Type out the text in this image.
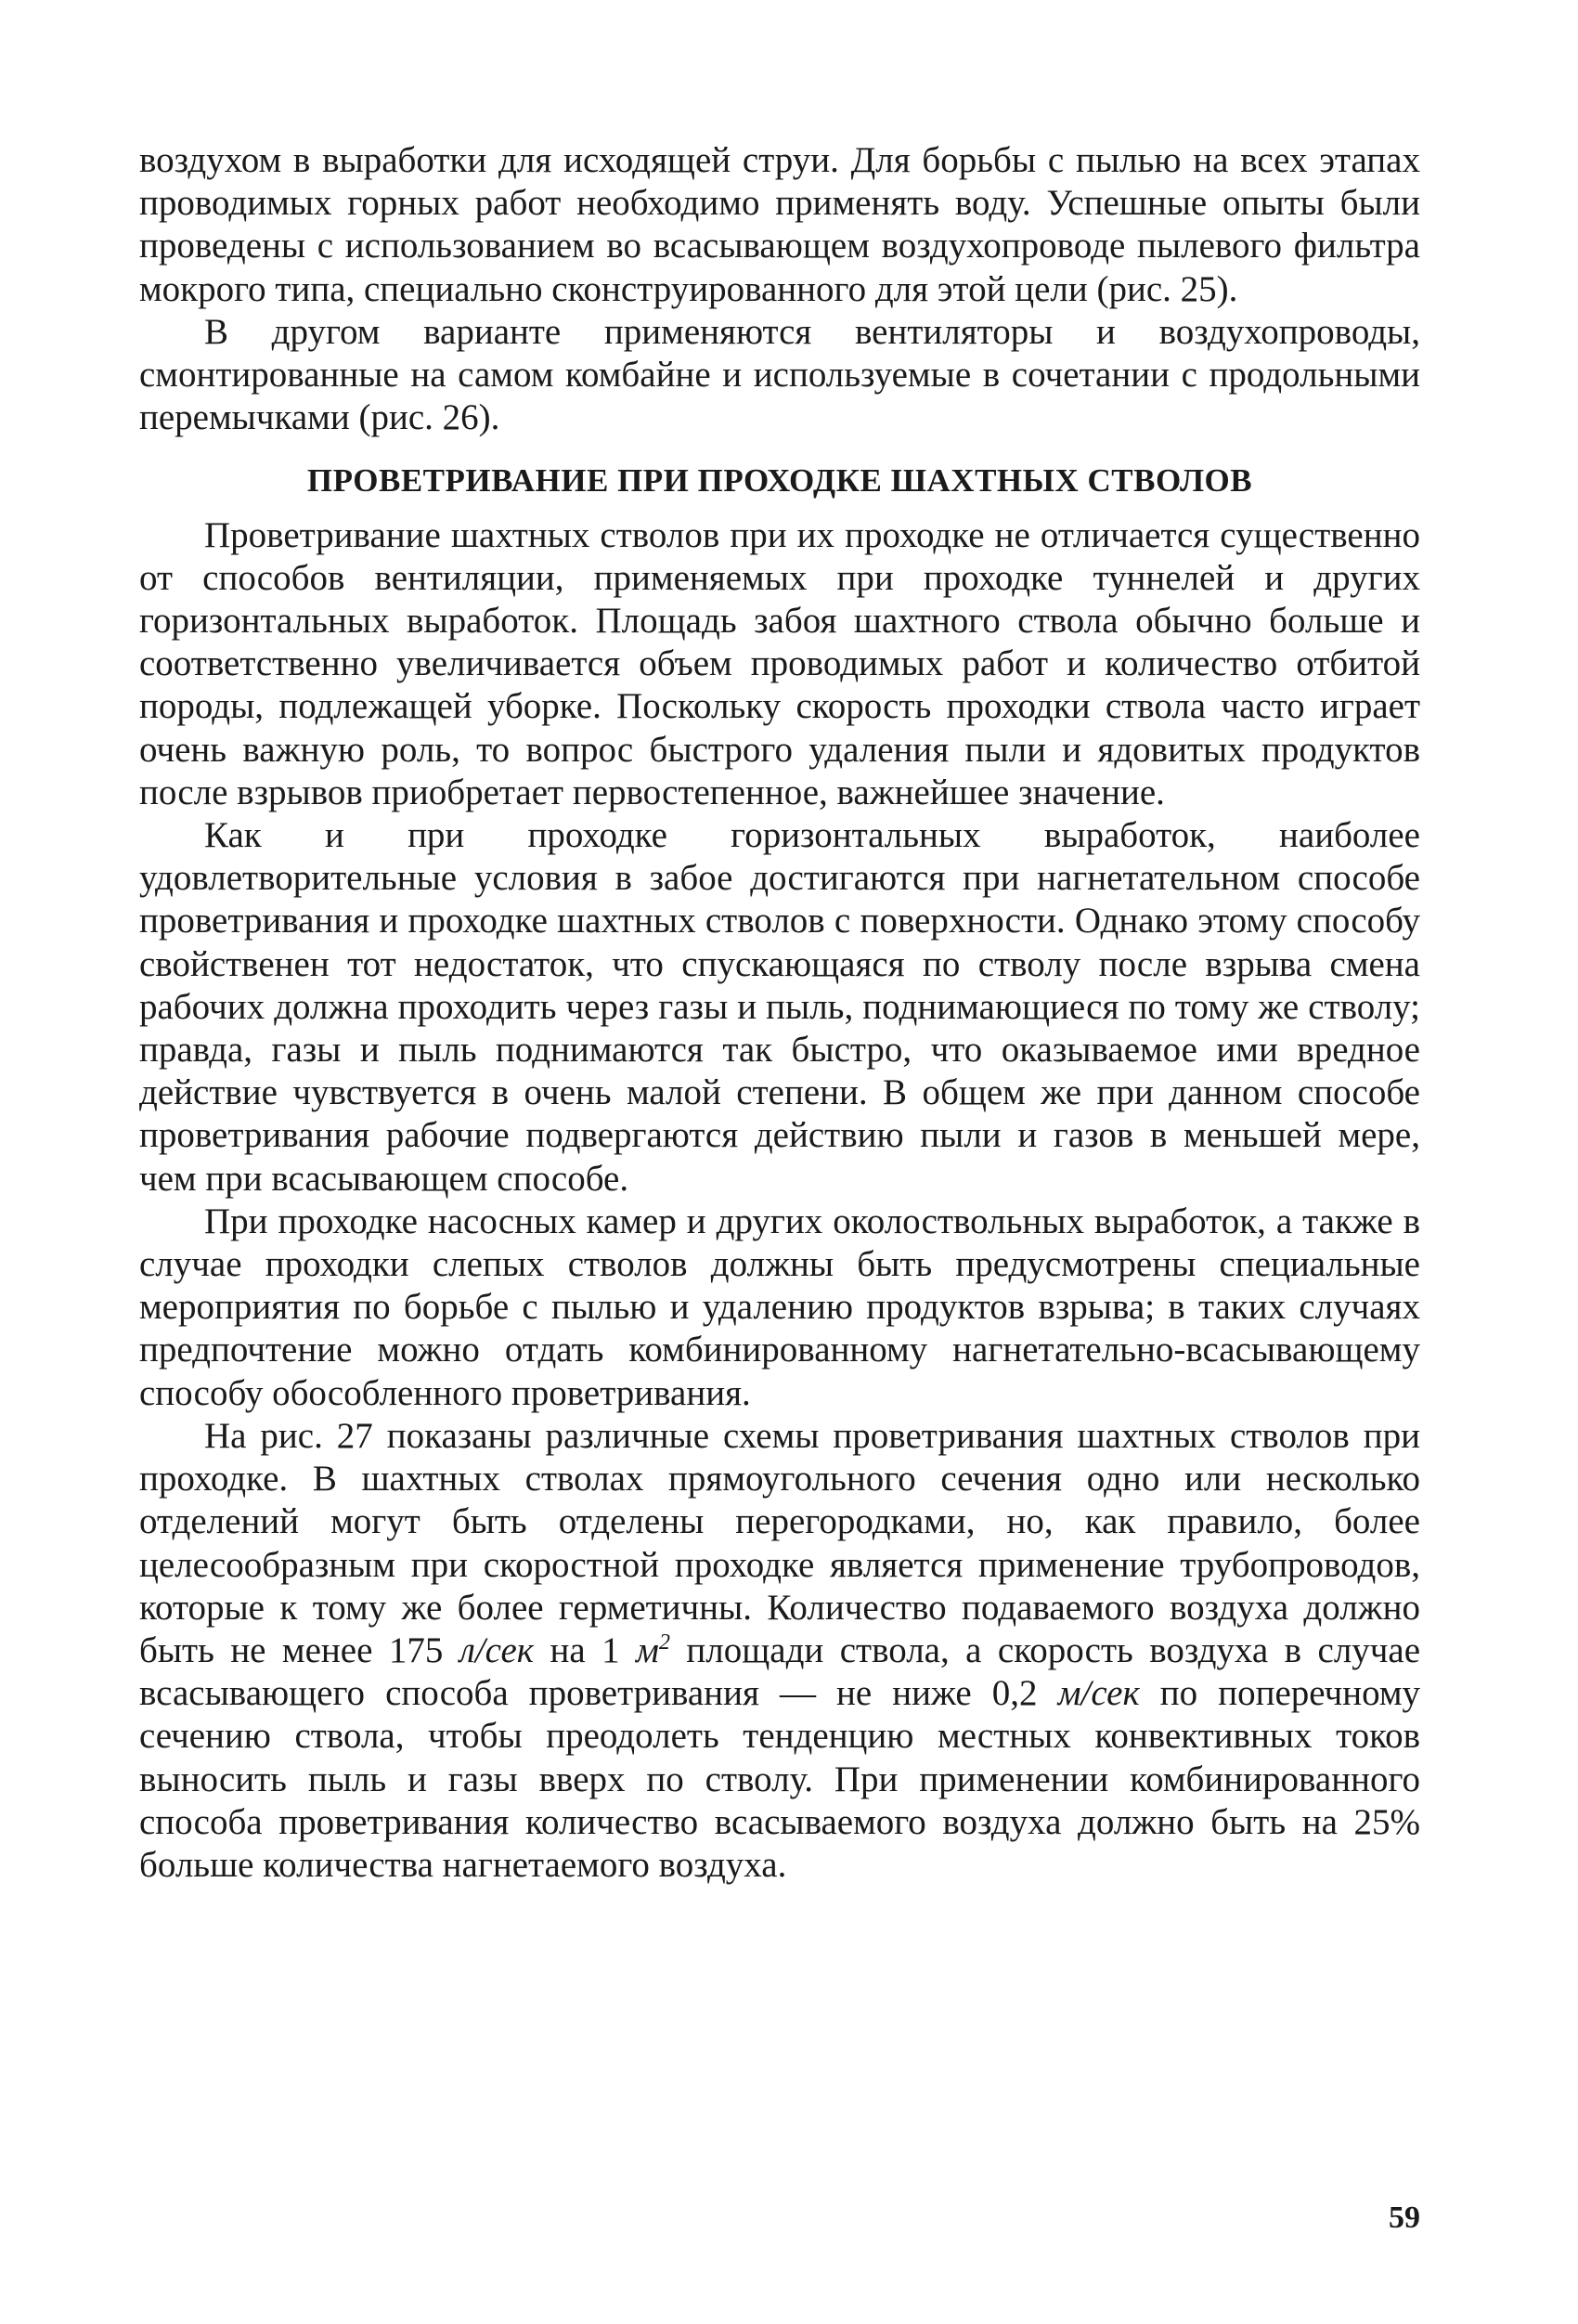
воздухом в выработки для исходящей струи. Для борьбы с пылью на всех этапах проводимых горных работ необходимо применять воду. Успешные опыты были проведены с использованием во всасывающем воздухопроводе пылевого фильтра мокрого типа, специально сконструированного для этой цели (рис. 25).

В другом варианте применяются вентиляторы и воздухопроводы, смонтированные на самом комбайне и используемые в сочетании с продольными перемычками (рис. 26).

ПРОВЕТРИВАНИЕ ПРИ ПРОХОДКЕ ШАХТНЫХ СТВОЛОВ

Проветривание шахтных стволов при их проходке не отличается существенно от способов вентиляции, применяемых при проходке туннелей и других горизонтальных выработок. Площадь забоя шахтного ствола обычно больше и соответственно увеличивается объем проводимых работ и количество отбитой породы, подлежащей уборке. Поскольку скорость проходки ствола часто играет очень важную роль, то вопрос быстрого удаления пыли и ядовитых продуктов после взрывов приобретает первостепенное, важнейшее значение.

Как и при проходке горизонтальных выработок, наиболее удовлетворительные условия в забое достигаются при нагнетательном способе проветривания и проходке шахтных стволов с поверхности. Однако этому способу свойственен тот недостаток, что спускающаяся по стволу после взрыва смена рабочих должна проходить через газы и пыль, поднимающиеся по тому же стволу; правда, газы и пыль поднимаются так быстро, что оказываемое ими вредное действие чувствуется в очень малой степени. В общем же при данном способе проветривания рабочие подвергаются действию пыли и газов в меньшей мере, чем при всасывающем способе.

При проходке насосных камер и других околоствольных выработок, а также в случае проходки слепых стволов должны быть предусмотрены специальные мероприятия по борьбе с пылью и удалению продуктов взрыва; в таких случаях предпочтение можно отдать комбинированному нагнетательно-всасывающему способу обособленного проветривания.

На рис. 27 показаны различные схемы проветривания шахтных стволов при проходке. В шахтных стволах прямоугольного сечения одно или несколько отделений могут быть отделены перегородками, но, как правило, более целесообразным при скоростной проходке является применение трубопроводов, которые к тому же более герметичны. Количество подаваемого воздуха должно быть не менее 175 л/сек на 1 $м^2$ площади ствола, а скорость воздуха в случае всасывающего способа проветривания — не ниже 0,2 м/сек по поперечному сечению ствола, чтобы преодолеть тенденцию местных конвективных токов выносить пыль и газы вверх по стволу. При применении комбинированного способа проветривания количество всасываемого воздуха должно быть на 25% больше количества нагнетаемого воздуха.

59
